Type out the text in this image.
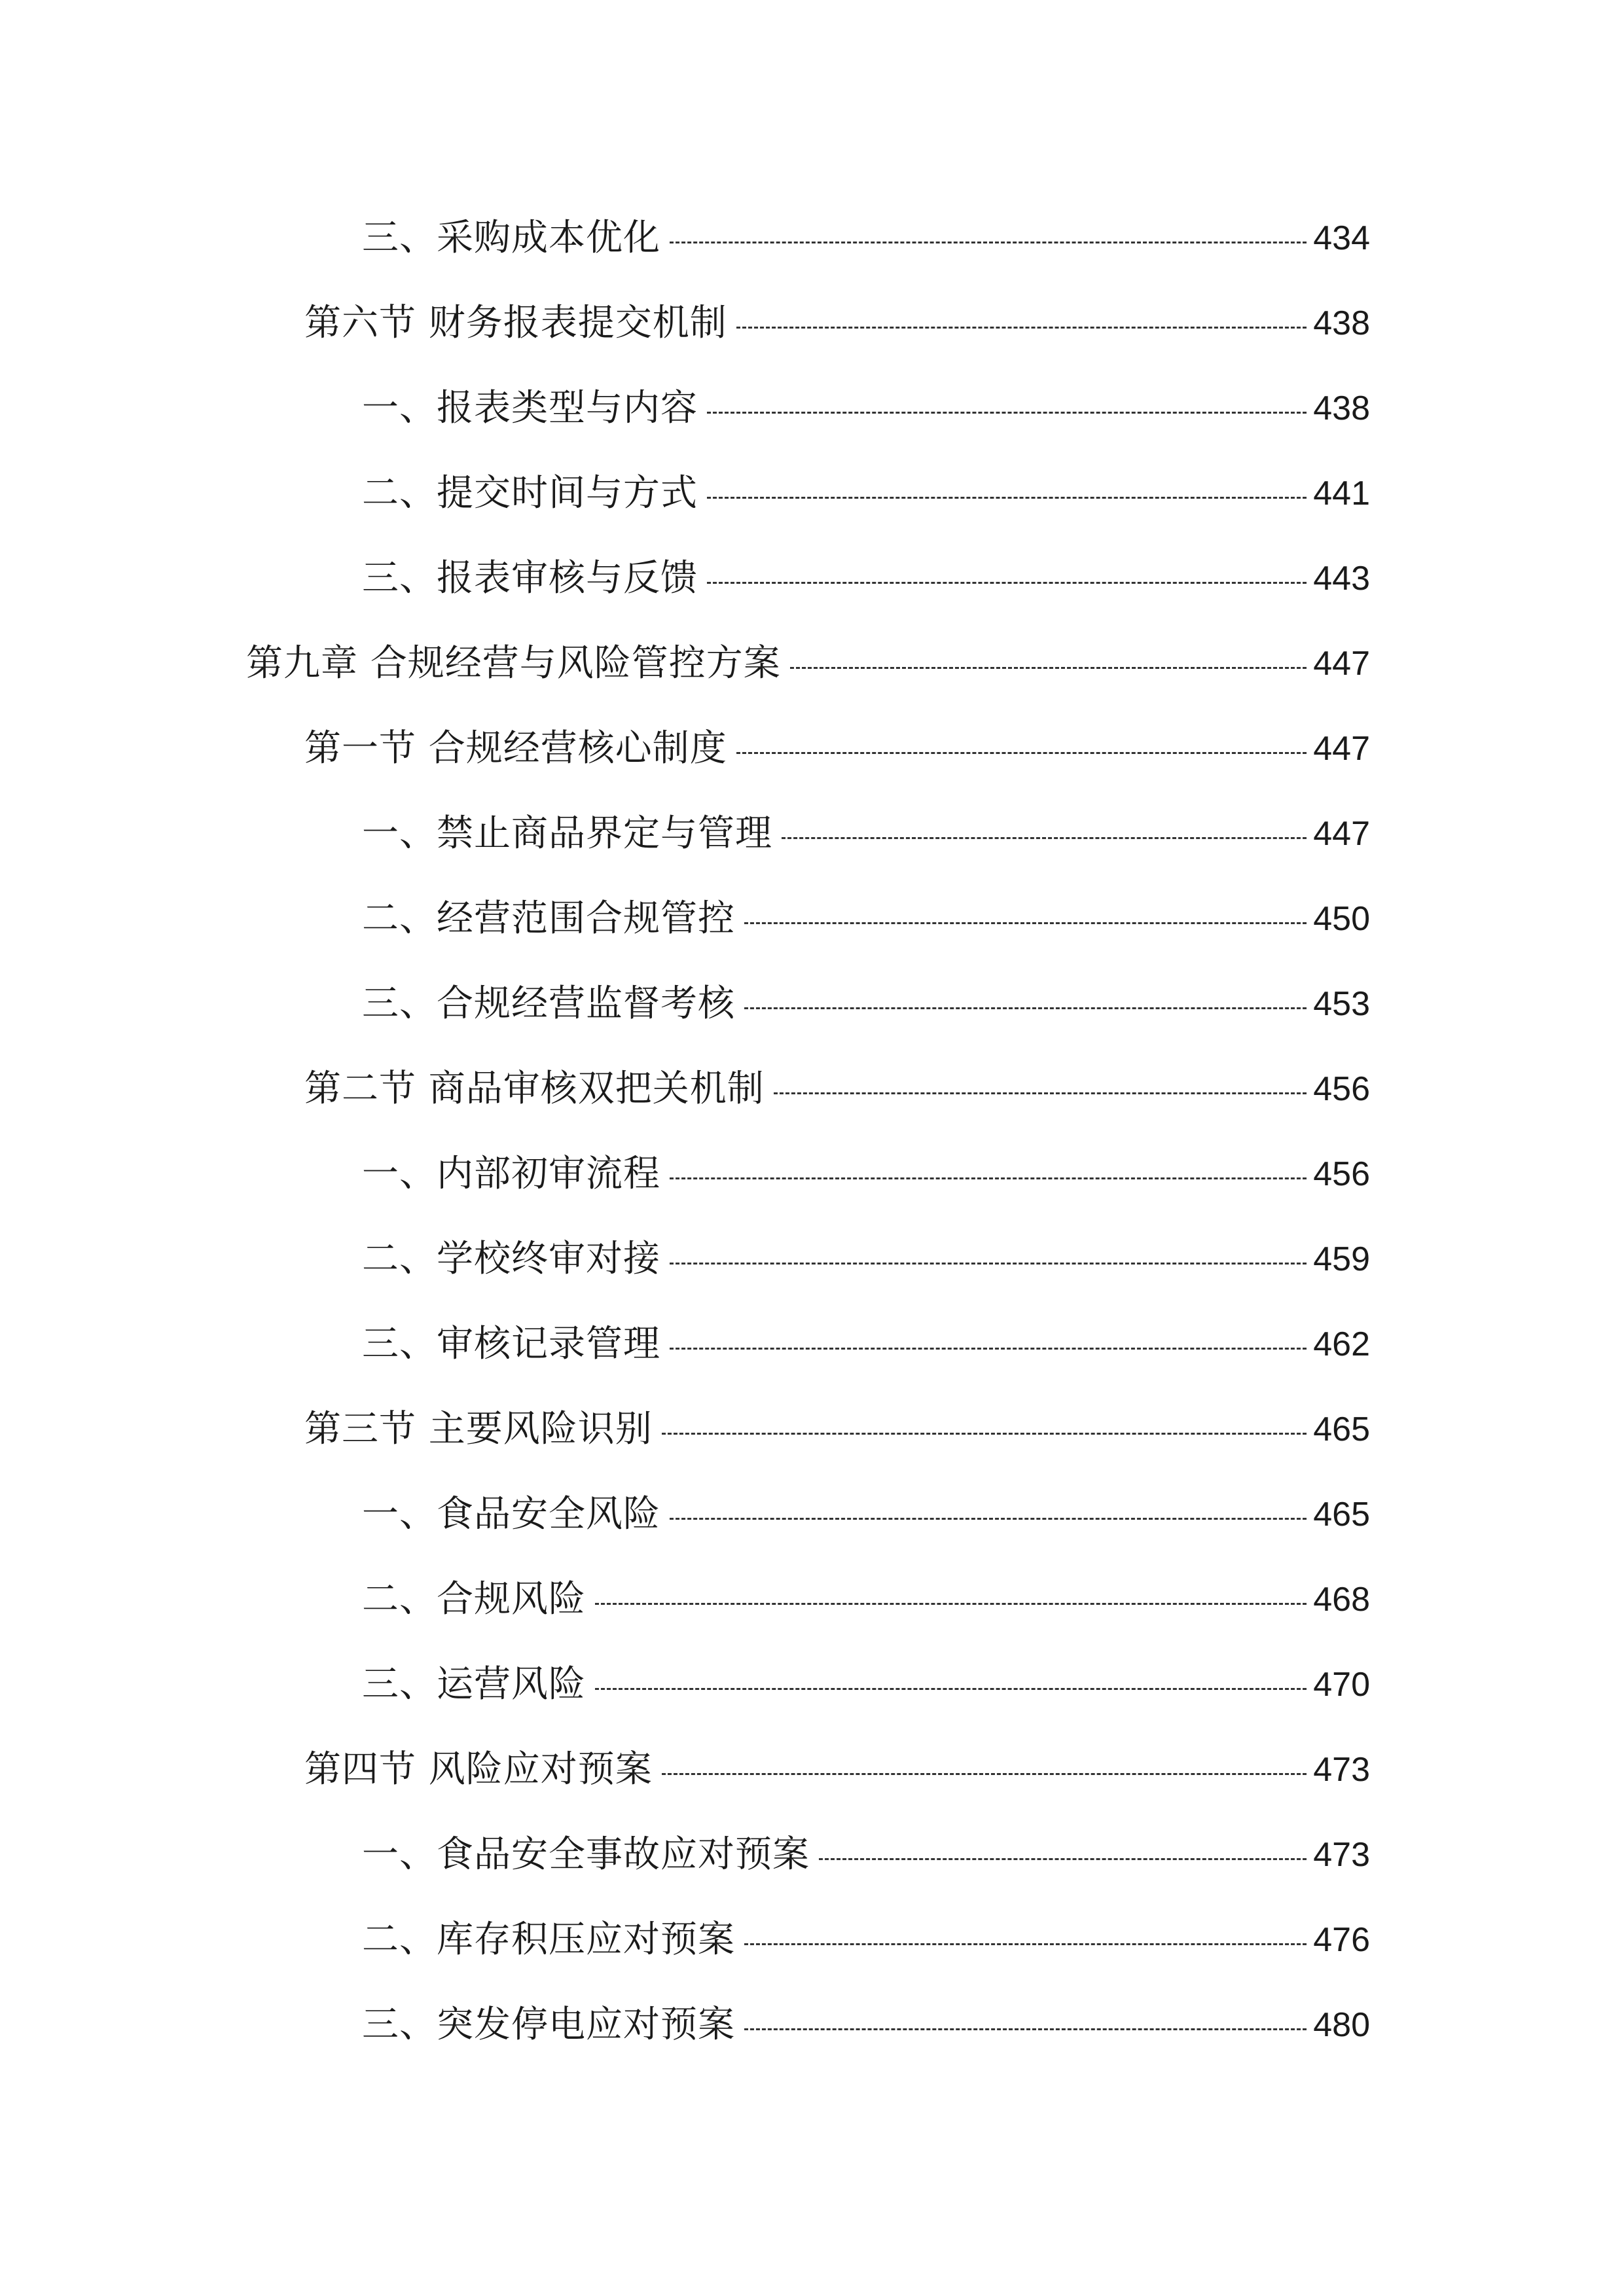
三、采购成本优化	434
第六节 财务报表提交机制	438
一、报表类型与内容	438
二、提交时间与方式	441
三、报表审核与反馈	443
第九章 合规经营与风险管控方案	447
第一节 合规经营核心制度	447
一、禁止商品界定与管理	447
二、经营范围合规管控	450
三、合规经营监督考核	453
第二节 商品审核双把关机制	456
一、内部初审流程	456
二、学校终审对接	459
三、审核记录管理	462
第三节 主要风险识别	465
一、食品安全风险	465
二、合规风险	468
三、运营风险	470
第四节 风险应对预案	473
一、食品安全事故应对预案	473
二、库存积压应对预案	476
三、突发停电应对预案	480
